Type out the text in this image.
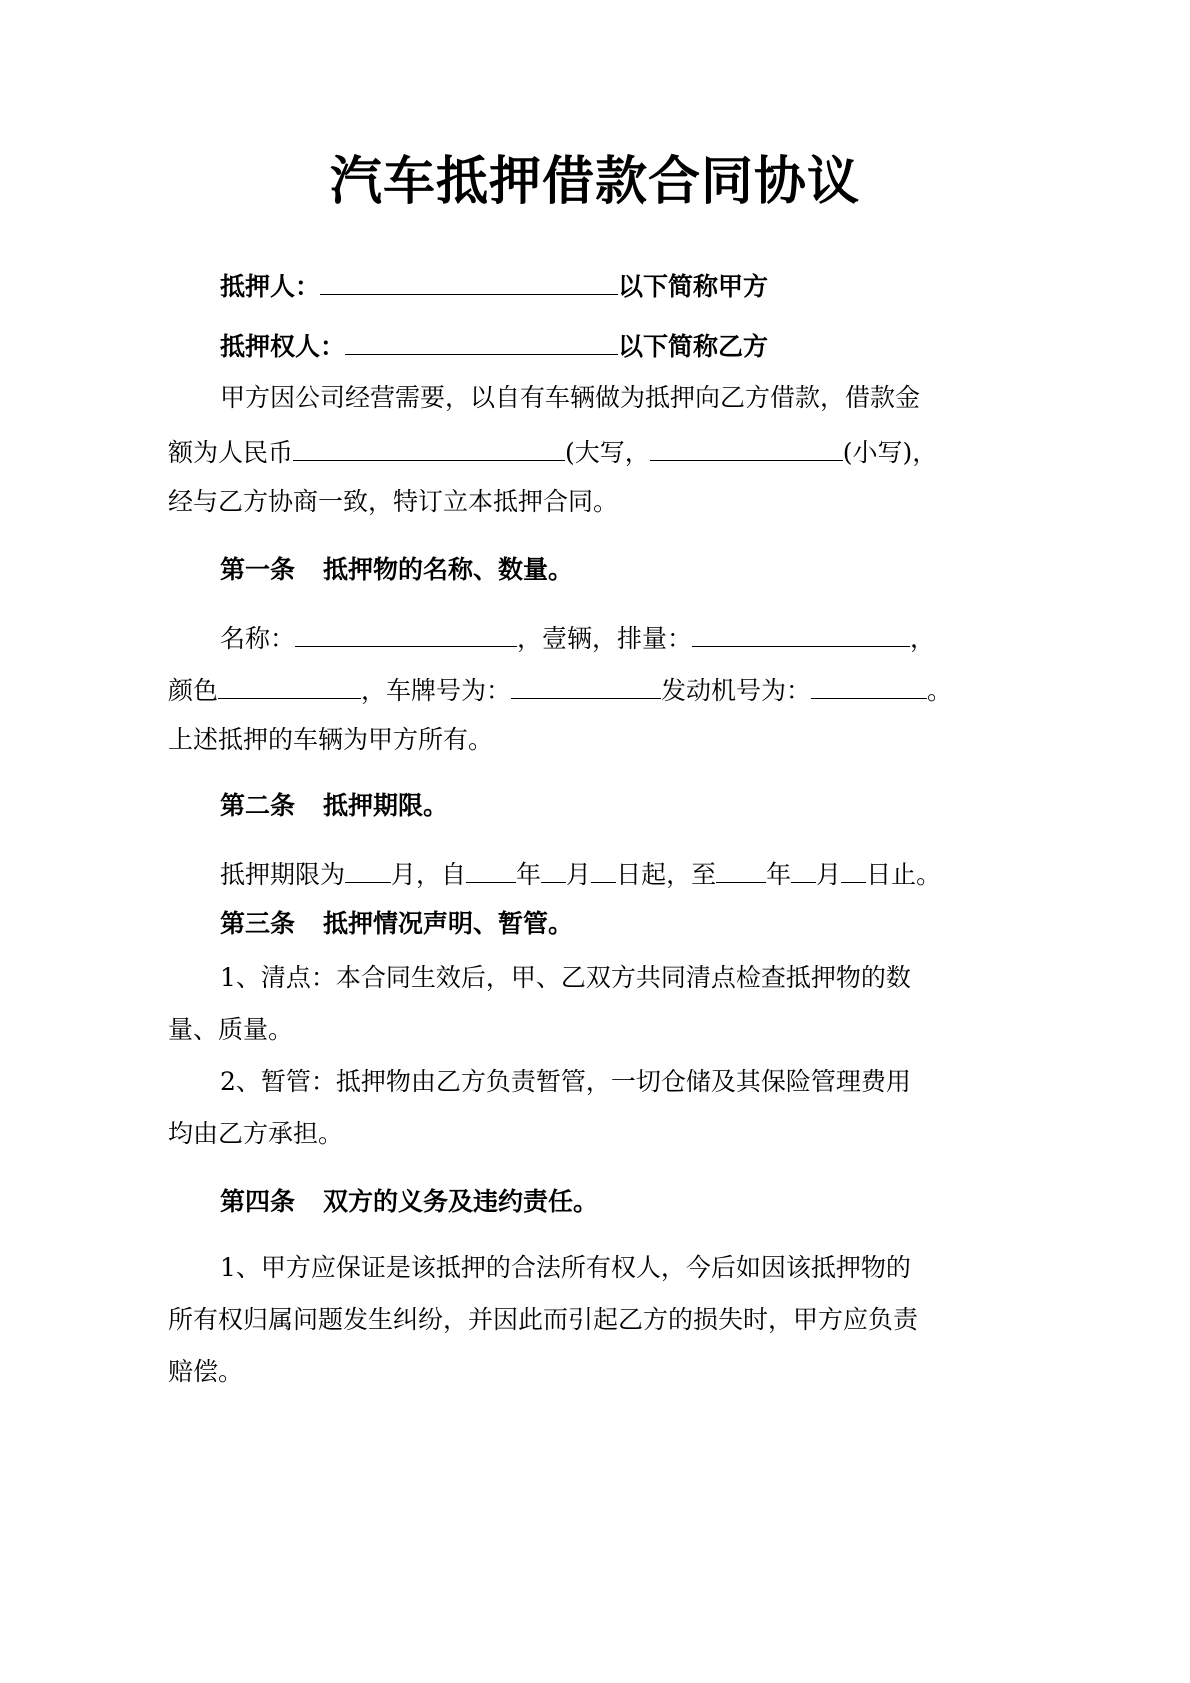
汽车抵押借款合同协议

抵押人：	以下简称甲方

抵押权人：	以下简称乙方

甲方因公司经营需要，以自有车辆做为抵押向乙方借款，借款金

额为人民币	(大写，	(小写)，

经与乙方协商一致，特订立本抵押合同。

第一条 抵押物的名称、数量。

名称：	，壹辆，排量：	，

颜色	，车牌号为：	发动机号为：	。

上述抵押的车辆为甲方所有。

第二条 抵押期限。

抵押期限为 月，自 年 月 日起，至 年 月 日止。

第三条 抵押情况声明、暂管。

1、清点：本合同生效后，甲、乙双方共同清点检查抵押物的数

量、质量。

2、暂管：抵押物由乙方负责暂管，一切仓储及其保险管理费用

均由乙方承担。

第四条 双方的义务及违约责任。

1、甲方应保证是该抵押的合法所有权人，今后如因该抵押物的

所有权归属问题发生纠纷，并因此而引起乙方的损失时，甲方应负责

赔偿。
